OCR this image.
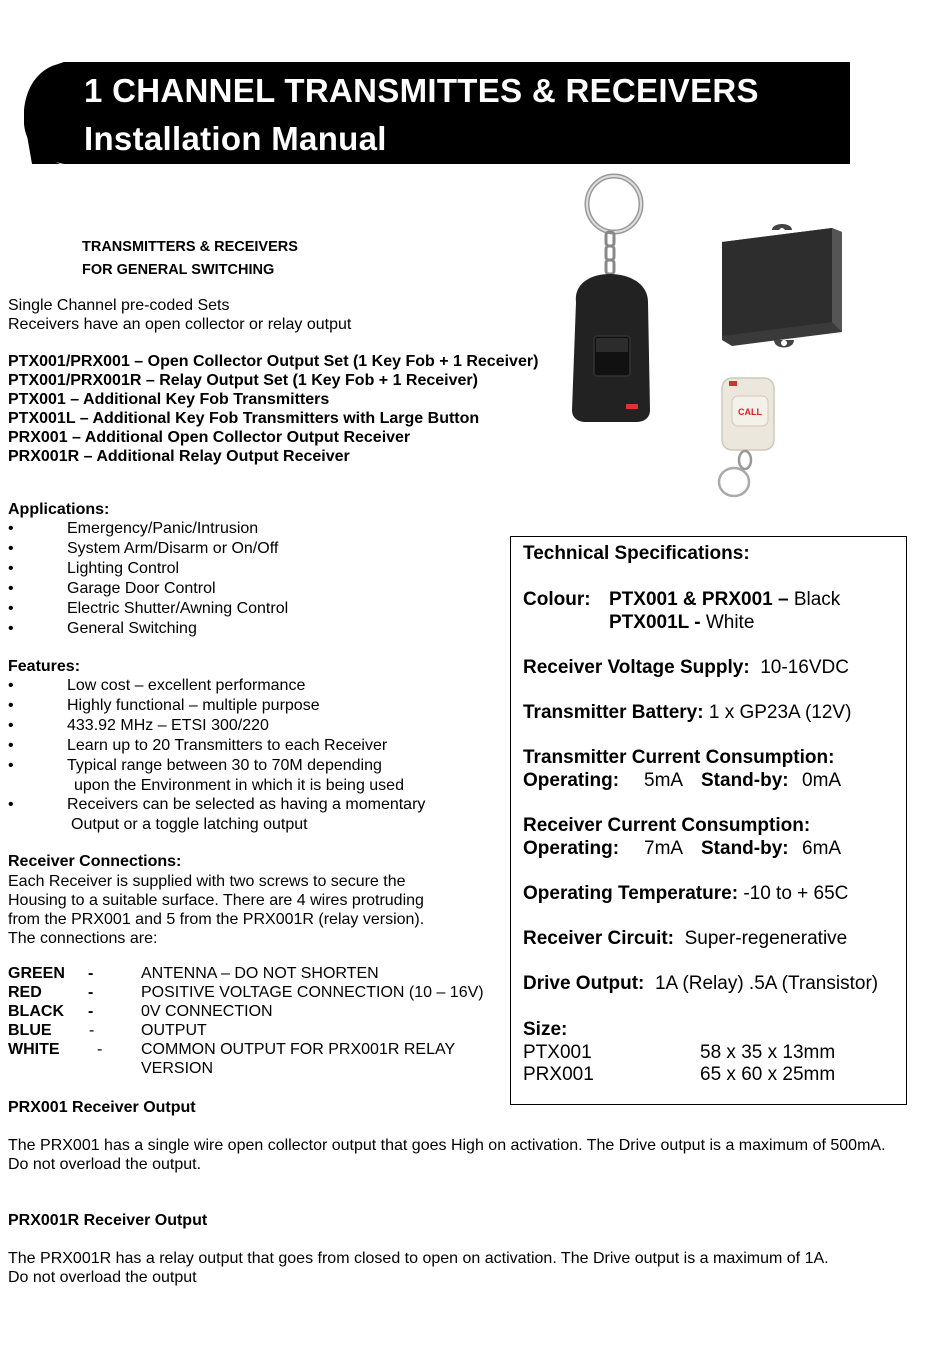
1 CHANNEL TRANSMITTES & RECEIVERS
Installation Manual
TRANSMITTERS & RECEIVERS
FOR GENERAL SWITCHING
Single Channel pre-coded Sets
Receivers have an open collector or relay output
PTX001/PRX001 – Open Collector Output Set (1 Key Fob + 1 Receiver)
PTX001/PRX001R – Relay Output Set (1 Key Fob + 1 Receiver)
PTX001 – Additional Key Fob Transmitters
PTX001L – Additional Key Fob Transmitters with Large Button
PRX001 – Additional Open Collector Output Receiver
PRX001R – Additional Relay Output Receiver
CALL
Applications:
•	Emergency/Panic/Intrusion
•	System Arm/Disarm or On/Off
•	Lighting Control
•	Garage Door Control
•	Electric Shutter/Awning Control
•	General Switching
Features:
•	Low cost – excellent performance
•	Highly functional – multiple purpose
•	433.92 MHz – ETSI 300/220
•	Learn up to 20 Transmitters to each Receiver
•	Typical range between 30 to 70M depending
upon the Environment in which it is being used
•	Receivers can be selected as having a momentary
Output or a toggle latching output
Receiver Connections:
Each Receiver is supplied with two screws to secure the
Housing to a suitable surface. There are 4 wires protruding
from the PRX001 and 5 from the PRX001R (relay version).
The connections are:
GREEN -	ANTENNA – DO NOT SHORTEN
RED	-	POSITIVE VOLTAGE CONNECTION (10 – 16V)
BLACK -	0V CONNECTION
BLUE -	OUTPUT
WHITE - COMMON OUTPUT FOR PRX001R RELAY
VERSION
PRX001 Receiver Output
The PRX001 has a single wire open collector output that goes High on activation. The Drive output is a maximum of 500mA.
Do not overload the output.
PRX001R Receiver Output
The PRX001R has a relay output that goes from closed to open on activation. The Drive output is a maximum of 1A.
Do not overload the output
Technical Specifications:
Colour: PTX001 & PRX001 – Black
PTX001L - White
Receiver Voltage Supply: 10-16VDC
Transmitter Battery: 1 x GP23A (12V)
Transmitter Current Consumption:
Operating: 5mA Stand-by: 0mA
Receiver Current Consumption:
Operating: 7mA Stand-by: 6mA
Operating Temperature: -10 to + 65C
Receiver Circuit: Super-regenerative
Drive Output: 1A (Relay) .5A (Transistor)
Size:
PTX001	58 x 35 x 13mm
PRX001	65 x 60 x 25mm
